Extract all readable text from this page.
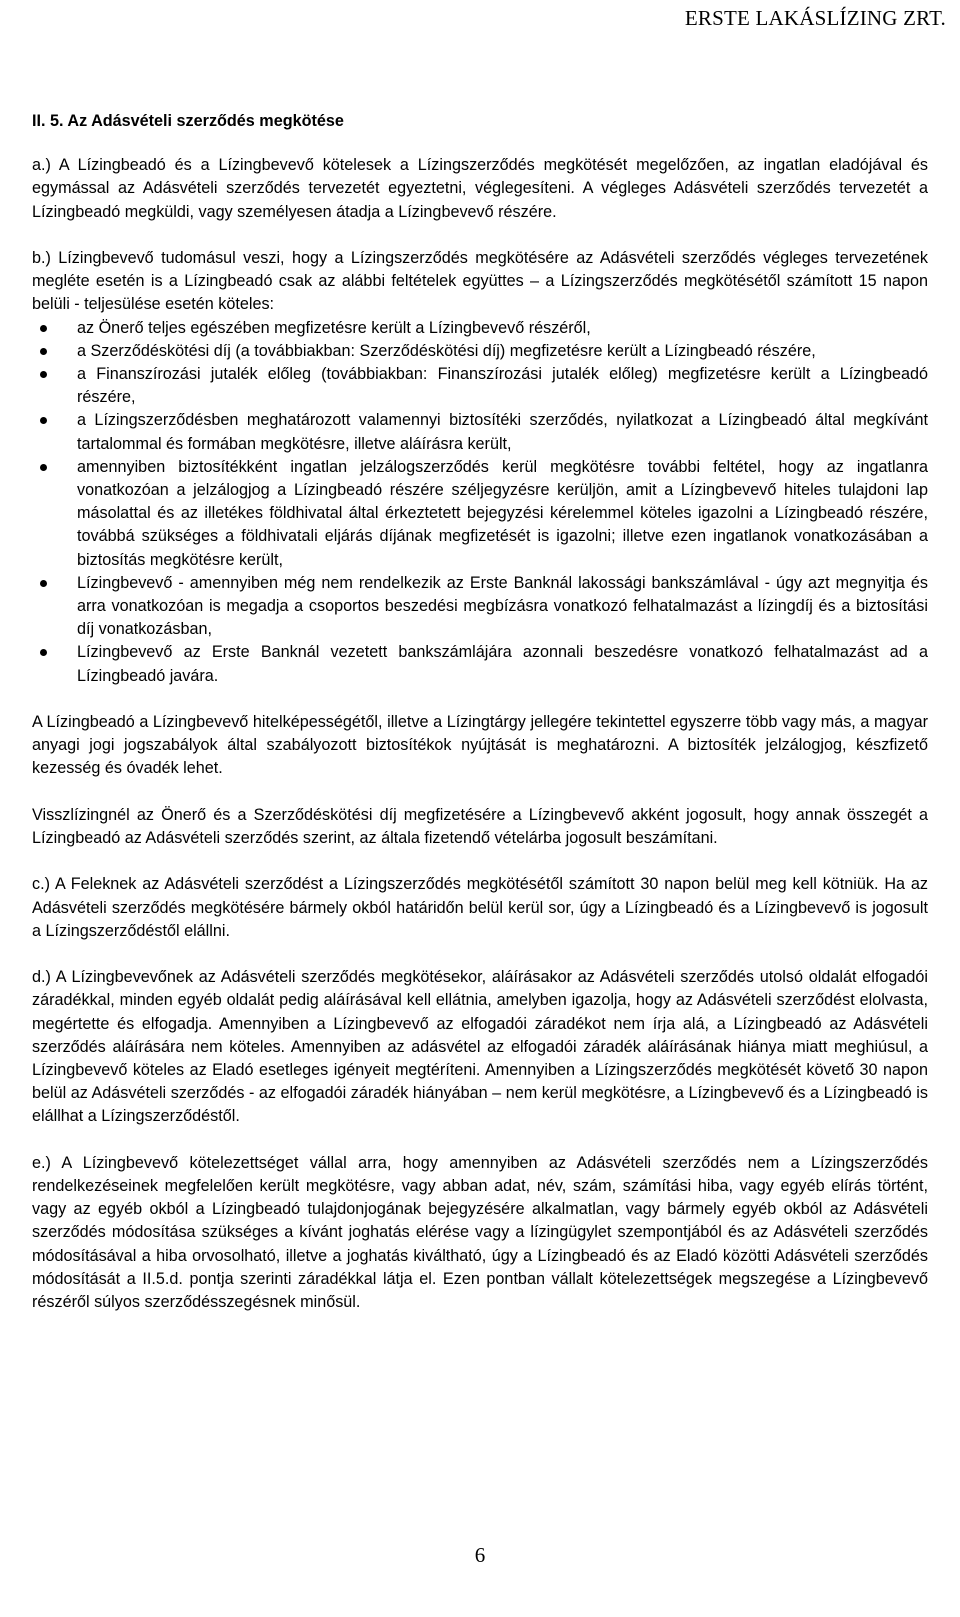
ERSTE LAKÁSLÍZING ZRT.

II. 5. Az Adásvételi szerződés megkötése

a.) A Lízingbeadó és a Lízingbevevő kötelesek a Lízingszerződés megkötését megelőzően, az ingatlan eladójával és egymással az Adásvételi szerződés tervezetét egyeztetni, véglegesíteni. A végleges Adásvételi szerződés tervezetét a Lízingbeadó megküldi, vagy személyesen átadja a Lízingbevevő részére.

b.) Lízingbevevő tudomásul veszi, hogy a Lízingszerződés megkötésére az Adásvételi szerződés végleges tervezetének megléte esetén is a Lízingbeadó csak az alábbi feltételek együttes – a Lízingszerződés megkötésétől számított 15 napon belüli - teljesülése esetén köteles:

az Önerő teljes egészében megfizetésre került a Lízingbevevő részéről,
a Szerződéskötési díj (a továbbiakban: Szerződéskötési díj) megfizetésre került a Lízingbeadó részére,
a Finanszírozási jutalék előleg (továbbiakban: Finanszírozási jutalék előleg) megfizetésre került a Lízingbeadó részére,
a Lízingszerződésben meghatározott valamennyi biztosítéki szerződés, nyilatkozat a Lízingbeadó által megkívánt tartalommal és formában megkötésre, illetve aláírásra került,
amennyiben biztosítékként ingatlan jelzálogszerződés kerül megkötésre további feltétel, hogy az ingatlanra vonatkozóan a jelzálogjog a Lízingbeadó részére széljegyzésre kerüljön, amit a Lízingbevevő hiteles tulajdoni lap másolattal és az illetékes földhivatal által érkeztetett bejegyzési kérelemmel köteles igazolni a Lízingbeadó részére, továbbá szükséges a földhivatali eljárás díjának megfizetését is igazolni; illetve ezen ingatlanok vonatkozásában a biztosítás megkötésre került,
Lízingbevevő - amennyiben még nem rendelkezik az Erste Banknál lakossági bankszámlával - úgy azt megnyitja és arra vonatkozóan is megadja a csoportos beszedési megbízásra vonatkozó felhatalmazást a lízingdíj és a biztosítási díj vonatkozásban,
Lízingbevevő az Erste Banknál vezetett bankszámlájára azonnali beszedésre vonatkozó felhatalmazást ad a Lízingbeadó javára.

A Lízingbeadó a Lízingbevevő hitelképességétől, illetve a Lízingtárgy jellegére tekintettel egyszerre több vagy más, a magyar anyagi jogi jogszabályok által szabályozott biztosítékok nyújtását is meghatározni. A biztosíték jelzálogjog, készfizető kezesség és óvadék lehet.

Visszlízingnél az Önerő és a Szerződéskötési díj megfizetésére a Lízingbevevő akként jogosult, hogy annak összegét a Lízingbeadó az Adásvételi szerződés szerint, az általa fizetendő vételárba jogosult beszámítani.

c.) A Feleknek az Adásvételi szerződést a Lízingszerződés megkötésétől számított 30 napon belül meg kell kötniük. Ha az Adásvételi szerződés megkötésére bármely okból határidőn belül kerül sor, úgy a Lízingbeadó és a Lízingbevevő is jogosult a Lízingszerződéstől elállni.

d.) A Lízingbevevőnek az Adásvételi szerződés megkötésekor, aláírásakor az Adásvételi szerződés utolsó oldalát elfogadói záradékkal, minden egyéb oldalát pedig aláírásával kell ellátnia, amelyben igazolja, hogy az Adásvételi szerződést elolvasta, megértette és elfogadja. Amennyiben a Lízingbevevő az elfogadói záradékot nem írja alá, a Lízingbeadó az Adásvételi szerződés aláírására nem köteles. Amennyiben az adásvétel az elfogadói záradék aláírásának hiánya miatt meghiúsul, a Lízingbevevő köteles az Eladó esetleges igényeit megtéríteni. Amennyiben a Lízingszerződés megkötését követő 30 napon belül az Adásvételi szerződés - az elfogadói záradék hiányában – nem kerül megkötésre, a Lízingbevevő és a Lízingbeadó is elállhat a Lízingszerződéstől.

e.) A Lízingbevevő kötelezettséget vállal arra, hogy amennyiben az Adásvételi szerződés nem a Lízingszerződés rendelkezéseinek megfelelően került megkötésre, vagy abban adat, név, szám, számítási hiba, vagy egyéb elírás történt, vagy az egyéb okból a Lízingbeadó tulajdonjogának bejegyzésére alkalmatlan, vagy bármely egyéb okból az Adásvételi szerződés módosítása szükséges a kívánt joghatás elérése vagy a lízingügylet szempontjából és az Adásvételi szerződés módosításával a hiba orvosolható, illetve a joghatás kiváltható, úgy a Lízingbeadó és az Eladó közötti Adásvételi szerződés módosítását a II.5.d. pontja szerinti záradékkal látja el. Ezen pontban vállalt kötelezettségek megszegése a Lízingbevevő részéről súlyos szerződésszegésnek minősül.

6
